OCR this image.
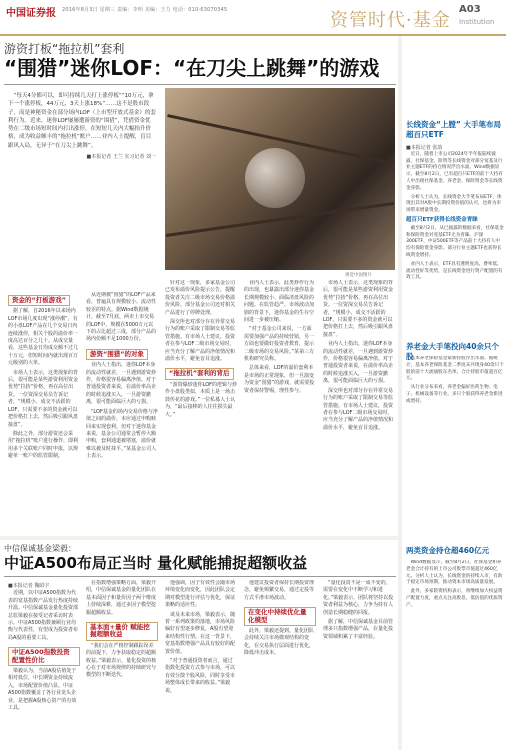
中国证券报 2016年8月3日 星期三 责编：李明 美编：王力 电话：010-63070345	资管时代·基金
A03
Institution
游资打板“拖拉机”套利
“围猎”迷你LOF：“在刀尖上跳舞”的游戏

“每天4分都可以，即可持续几天打上涨停板”“10万元，拿下一个涨停板，44万元，3天上涨18%”……这不是股市段子，而是神秘资金在部分场内LOF（上市型开放式基金）的套利行为。近来，迷你LOF屡屡遭游资的“围猎”，凭借资金优势在二级市场短时间内打出涨停，在短短几天内大幅抬升价格，成为收益颇丰的“拖拉机”账户……业内人士提醒，盲目跟风入局，无异于“在刀尖上跳舞”。

■本报记者 王兰 实习记者 刘一
视觉中国图片
资金的“打板游戏”

据了解，自2016年以来场内LOF市场几度出现“涨停潮”，有的小盘LOF产品在几个交易日内连续涨停，相关个股的溢价率一度高达百分之几十。从成交量看，这些基金日均成交额不过几十万元，但短时间内就出现百万元级别的大单。

市场人士表示，这类现象的背后，很可能是某些游资利用资金优势“拉抬”价格，再在高位出货。一位资深交易员告诉记者，“规模小、成交不活跃的LOF，只需要不多的资金就可以把价格打上去，然后吸引跟风盘接盘”。

除此之外，部分游资还会采用“拖拉机”账户进行操作，即利用多个关联账户同时申报，以规避单一账户的监管限制。

从近期被“围猎”的LOF产品来看，普遍具有规模较小、流动性较差的特点。据Wind数据统计，截至7月底，两市上市交易的LOF中，规模在5000万元以下的占比超过三成，部分产品的场内份额不足1000万份。

游资“围猎”的对象

业内人士指出，迷你LOF本身的流动性就差，一旦遇到游资炒作，价格很容易偏离净值。对于普通投资者来说，在溢价率高企的时候追涨买入，一旦游资撤离，很可能面临巨大的亏损。

“LOF基金的场内交易价格与净值之间的溢价，本应通过申购赎回来实现套利。但对于迷你基金来说，基金公司通常会暂停大额申购，套利通道被堵塞，溢价就难以被及时抹平。”某基金公司人士表示。

针对这一现象，多家基金公司已发布溢价风险提示公告，提醒投资者关注二级市场交易价格溢价风险。部分基金公司还对相关产品进行了停牌处理。

深交所也对部分存在异常交易行为的账户采取了限制交易等监管措施。有市场人士建议，投资者在参与LOF二级市场交易时，应当充分了解产品的净值情况和溢价水平，避免盲目追涨。

“拖拉机”套利的背后

“游资爆炒迷你LOF的逻辑与炒作小盘股类似，本质上是一场击鼓传花的游戏。”一位私募人士认为，“最后接棒的人往往损失最大。”

业内人士表示，此类炒作行为的出现，也暴露出部分迷你基金长期规模较小、面临清盘风险的问题。在监管趋严、市场波动加剧的背景下，迷你基金的生存空间进一步被压缩。

“对于基金公司来说，一方面需要加强产品的持续营销，另一方面也要做好投资者教育，提示二级市场的交易风险。”某第三方机构研究员称。

总体来看，LOF的溢价套利本是市场的正常现象，但一旦演变为资金“围猎”的游戏，就需要投资者保持警惕，理性参与。

市场人士表示，这类现象的背后，很可能是某些游资利用资金优势“拉抬”价格，再在高位出货。一位资深交易员告诉记者，“规模小、成交不活跃的LOF，只需要不多的资金就可以把价格打上去，然后吸引跟风盘接盘”。

业内人士指出，迷你LOF本身的流动性就差，一旦遇到游资炒作，价格很容易偏离净值。对于普通投资者来说，在溢价率高企的时候追涨买入，一旦游资撤离，很可能面临巨大的亏损。

深交所也对部分存在异常交易行为的账户采取了限制交易等监管措施。有市场人士建议，投资者在参与LOF二级市场交易时，应当充分了解产品的净值情况和溢价水平，避免盲目追涨。

中信保诚基金梁毅：
中证A500布局正当时 量化赋能捕捉超额收益
■本报记者 魏昭宇

近期，以中证A500指数为代表的宽基指数产品发行热度持续升温。中信保诚基金量化投资部总监梁毅在接受记者采访时表示，中证A500指数兼顾行业均衡与代表性，有望成为投资者布局A股的重要工具。

中证A500指数投资配置性价比

梁毅认为，当前A股估值处于相对低位，中长期资金持续流入，市场配置价值凸显。中证A500指数覆盖了各行业龙头企业，是把握A股核心资产的有效工具。

在指数增强策略方面，梁毅介绍，中信保诚基金的量化团队在基本面因子和量价因子两个维度上持续深耕，通过多因子模型挖掘超额收益。

基本面+量价 赋能挖掘超额收益

“我们会在严格控制跟踪误差的前提下，力争获取稳定的超额收益。”梁毅表示，量化投资的核心在于对市场规律的持续研究与模型的不断迭代。

他强调，因子有效性会随市场环境变化而变化，因此团队会定期对模型进行评估与优化，保证策略的适应性。

谈及未来市场，梁毅表示，随着一系列政策的落地，市场风险偏好有望逐步修复，A股有望迎来结构性行情。在这一背景下，宽基指数增强产品具有较好的配置价值。

“对于普通投资者而言，通过指数化投资方式参与市场，可以有效分散个股风险，同时享受市场整体成长带来的收益。”梁毅说。

他建议投资者保持长期投资理念，避免频繁交易，通过定投等方式平滑市场波动。

在变化中持续优化量化模型

此外，梁毅还提到，量化团队会持续关注市场微观结构的变化，在交易执行层面进行优化，降低冲击成本。

“量化投资不是一成不变的，需要在变化中不断学习和进化。”梁毅表示，团队将坚持以投资者利益为核心，力争为持有人创造长期稳健的回报。

据了解，中信保诚基金目前管理多只指数增强产品，在量化投资领域积累了丰富经验。

长线资金“上膛” 大手笔布局超百只ETF
■本报记者 张韵

近日，随着上市公司2024年半年报陆续披露，社保基金、险资等长线资金对部分宽基及行业主题ETF的持仓情况浮出水面。Wind数据显示，截至8月2日，已有超百只ETF的前十大持有人中出现社保基金、养老金、保险资金等长线资金身影。

分析人士认为，长线资金大手笔布局ETF，体现出其对A股中长期投资价值的认可，也将为市场带来增量资金。

超百只ETF获得长线资金青睐

截至8月2日，从已披露的数据来看，社保基金和保险资金对宽基ETF尤为青睐。沪深300ETF、中证500ETF等产品前十大持有人中均有保险资金身影。部分行业主题ETF也获得长线资金增持。

业内人士表示，ETF具有透明度高、费率低、流动性好等优势，是长线资金进行资产配置的有效工具。

养老金大手笔投向40余只个股

基本养老保险基金最新持股浮出水面。据统计，基本养老保险基金二季度末共现身40余只个股的前十大流通股东名单，合计持股市值超百亿元。

从行业分布来看，养老金偏好医药生物、电子、机械设备等行业。多只个股获得养老金新进或增持。

两类资金持仓超460亿元

Wind数据显示，截至8月2日，社保基金和养老金合计持有的上市公司股票市值超过460亿元。分析人士认为，长线资金的持续入市，有助于稳定市场预期，推动资本市场高质量发展。

此外，多家险资机构表示，将继续加大权益资产配置力度，重点关注高股息、低估值的优质资产。
